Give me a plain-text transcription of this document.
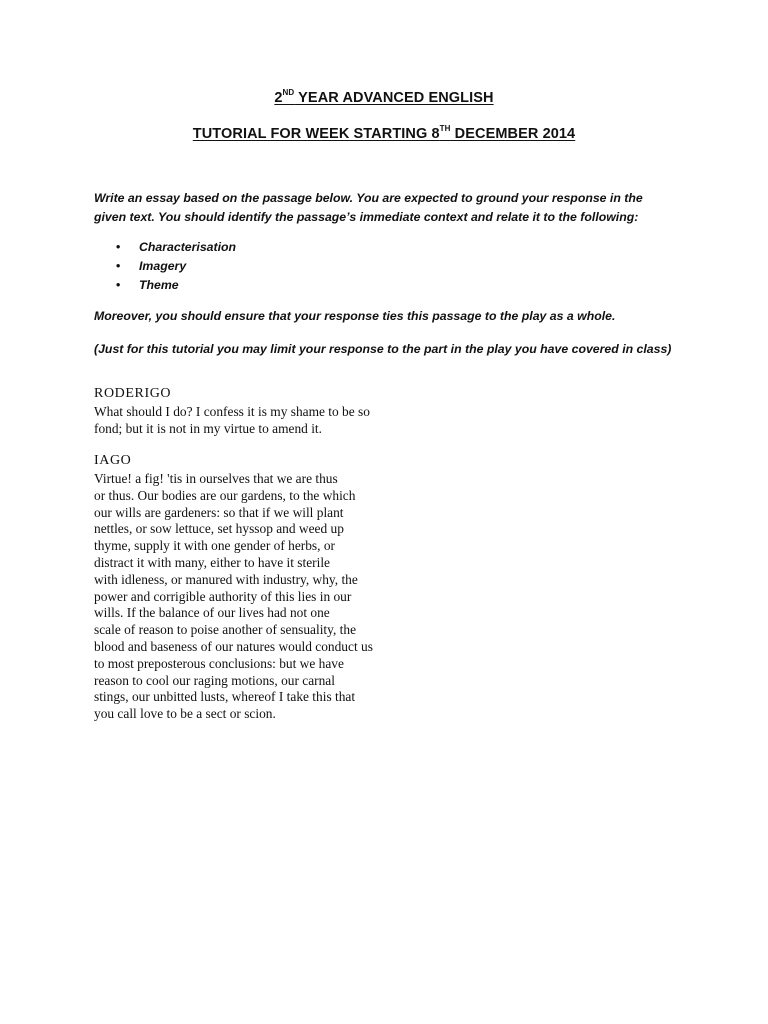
2ND YEAR ADVANCED ENGLISH
TUTORIAL FOR WEEK STARTING 8TH DECEMBER 2014
Write an essay based on the passage below. You are expected to ground your response in the
given text. You should identify the passage’s immediate context and relate it to the following:
• Characterisation
• Imagery
• Theme
Moreover, you should ensure that your response ties this passage to the play as a whole.
(Just for this tutorial you may limit your response to the part in the play you have covered in class)
RODERIGO
What should I do? I confess it is my shame to be so
fond; but it is not in my virtue to amend it.
IAGO
Virtue! a fig! 'tis in ourselves that we are thus
or thus. Our bodies are our gardens, to the which
our wills are gardeners: so that if we will plant
nettles, or sow lettuce, set hyssop and weed up
thyme, supply it with one gender of herbs, or
distract it with many, either to have it sterile
with idleness, or manured with industry, why, the
power and corrigible authority of this lies in our
wills. If the balance of our lives had not one
scale of reason to poise another of sensuality, the
blood and baseness of our natures would conduct us
to most preposterous conclusions: but we have
reason to cool our raging motions, our carnal
stings, our unbitted lusts, whereof I take this that
you call love to be a sect or scion.
